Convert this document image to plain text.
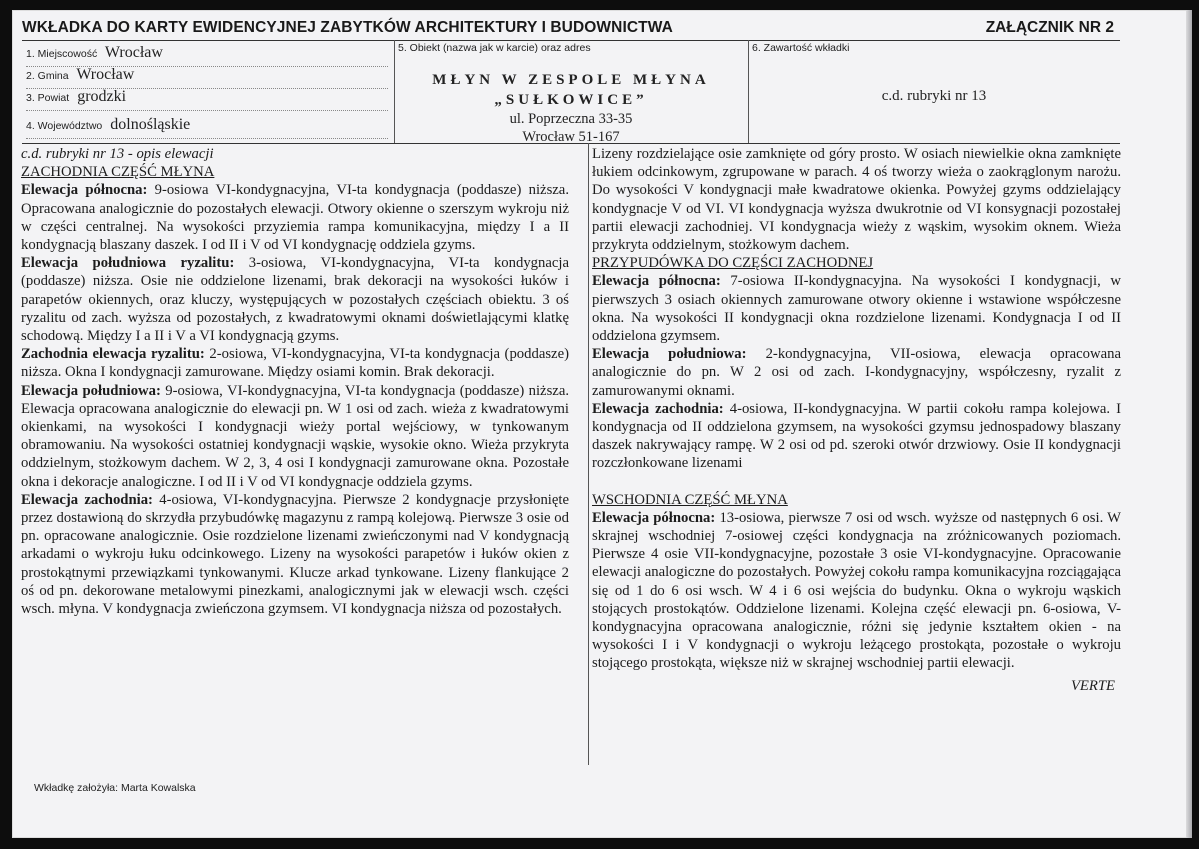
WKŁADKA DO KARTY EWIDENCYJNEJ ZABYTKÓW ARCHITEKTURY I BUDOWNICTWA	ZAŁĄCZNIK NR 2
1. Miejscowość Wrocław
2. Gmina Wrocław
3. Powiat grodzki
4. Województwo dolnośląskie
5. Obiekt (nazwa jak w karcie) oraz adres
MŁYN W ZESPOLE MŁYNA
„SUŁKOWICE”
ul. Poprzeczna 33-35
Wrocław 51-167
6. Zawartość wkładki
c.d. rubryki nr 13

c.d. rubryki nr 13 - opis elewacji

ZACHODNIA CZĘŚĆ MŁYNA

Elewacja północna: 9-osiowa VI-kondygnacyjna, VI-ta kondygnacja (poddasze) niższa. Opracowana analogicznie do pozostałych elewacji. Otwory okienne o szerszym wykroju niż w części centralnej. Na wysokości przyziemia rampa komunikacyjna, między I a II kondygnacją blaszany daszek. I od II i V od VI kondygnację oddziela gzyms.

Elewacja południowa ryzalitu: 3-osiowa, VI-kondygnacyjna, VI-ta kondygnacja (poddasze) niższa. Osie nie oddzielone lizenami, brak dekoracji na wysokości łuków i parapetów okiennych, oraz kluczy, występujących w pozostałych częściach obiektu. 3 oś ryzalitu od zach. wyższa od pozostałych, z kwadratowymi oknami doświetlającymi klatkę schodową. Między I a II i V a VI kondygnacją gzyms.

Zachodnia elewacja ryzalitu: 2-osiowa, VI-kondygnacyjna, VI-ta kondygnacja (poddasze) niższa. Okna I kondygnacji zamurowane. Między osiami komin. Brak dekoracji.

Elewacja południowa: 9-osiowa, VI-kondygnacyjna, VI-ta kondygnacja (poddasze) niższa. Elewacja opracowana analogicznie do elewacji pn. W 1 osi od zach. wieża z kwadratowymi okienkami, na wysokości I kondygnacji wieży portal wejściowy, w tynkowanym obramowaniu. Na wysokości ostatniej kondygnacji wąskie, wysokie okno. Wieża przykryta oddzielnym, stożkowym dachem. W 2, 3, 4 osi I kondygnacji zamurowane okna. Pozostałe okna i dekoracje analogiczne. I od II i V od VI kondygnacje oddziela gzyms.

Elewacja zachodnia: 4-osiowa, VI-kondygnacyjna. Pierwsze 2 kondygnacje przysłonięte przez dostawioną do skrzydła przybudówkę magazynu z rampą kolejową. Pierwsze 3 osie od pn. opracowane analogicznie. Osie rozdzielone lizenami zwieńczonymi nad V kondygnacją arkadami o wykroju łuku odcinkowego. Lizeny na wysokości parapetów i łuków okien z prostokątnymi przewiązkami tynkowanymi. Klucze arkad tynkowane. Lizeny flankujące 2 oś od pn. dekorowane metalowymi pinezkami, analogicznymi jak w elewacji wsch. części wsch. młyna. V kondygnacja zwieńczona gzymsem. VI kondygnacja niższa od pozostałych.

Lizeny rozdzielające osie zamknięte od góry prosto. W osiach niewielkie okna zamknięte łukiem odcinkowym, zgrupowane w parach. 4 oś tworzy wieża o zaokrąglonym narożu. Do wysokości V kondygnacji małe kwadratowe okienka. Powyżej gzyms oddzielający kondygnacje V od VI. VI kondygnacja wyższa dwukrotnie od VI konsygnacji pozostałej partii elewacji zachodniej. VI kondygnacja wieży z wąskim, wysokim oknem. Wieża przykryta oddzielnym, stożkowym dachem.

PRZYPUDÓWKA DO CZĘŚCI ZACHODNEJ

Elewacja północna: 7-osiowa II-kondygnacyjna. Na wysokości I kondygnacji, w pierwszych 3 osiach okiennych zamurowane otwory okienne i wstawione współczesne okna. Na wysokości II kondygnacji okna rozdzielone lizenami. Kondygnacja I od II oddzielona gzymsem.

Elewacja południowa: 2-kondygnacyjna, VII-osiowa, elewacja opracowana analogicznie do pn. W 2 osi od zach. I-kondygnacyjny, współczesny, ryzalit z zamurowanymi oknami.

Elewacja zachodnia: 4-osiowa, II-kondygnacyjna. W partii cokołu rampa kolejowa. I kondygnacja od II oddzielona gzymsem, na wysokości gzymsu jednospadowy blaszany daszek nakrywający rampę. W 2 osi od pd. szeroki otwór drzwiowy. Osie II kondygnacji rozczłonkowane lizenami

WSCHODNIA CZĘŚĆ MŁYNA

Elewacja północna: 13-osiowa, pierwsze 7 osi od wsch. wyższe od następnych 6 osi. W skrajnej wschodniej 7-osiowej części kondygnacja na zróżnicowanych poziomach. Pierwsze 4 osie VII-kondygnacyjne, pozostałe 3 osie VI-kondygnacyjne. Opracowanie elewacji analogiczne do pozostałych. Powyżej cokołu rampa komunikacyjna rozciągająca się od 1 do 6 osi wsch. W 4 i 6 osi wejścia do budynku. Okna o wykroju wąskich stojących prostokątów. Oddzielone lizenami. Kolejna część elewacji pn. 6-osiowa, V-kondygnacyjna opracowana analogicznie, różni się jedynie kształtem okien - na wysokości I i V kondygnacji o wykroju leżącego prostokąta, pozostałe o wykroju stojącego prostokąta, większe niż w skrajnej wschodniej partii elewacji.

VERTE

Wkładkę założyła: Marta Kowalska
